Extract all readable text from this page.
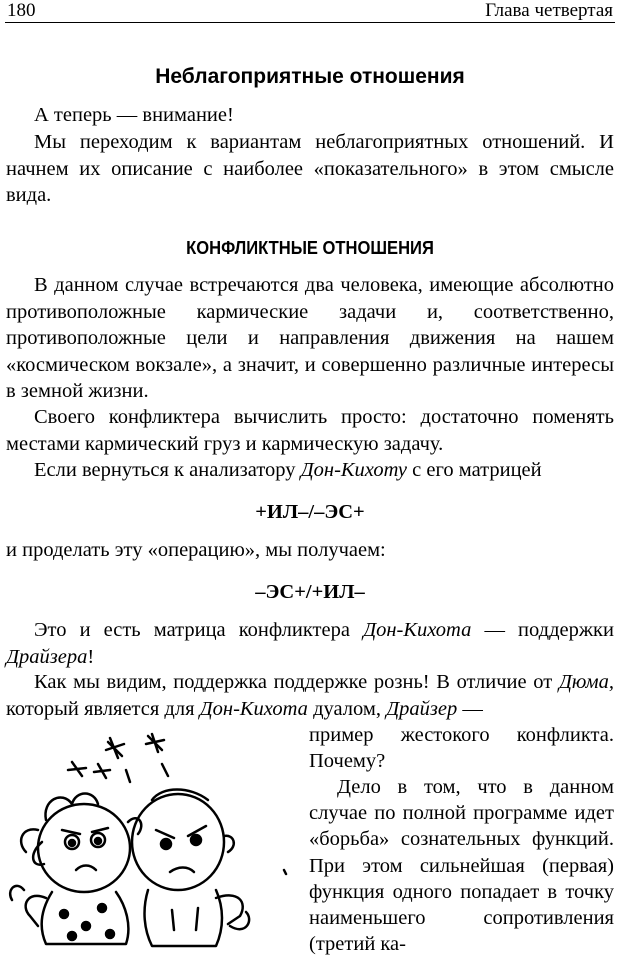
180	Глава четвертая
Неблагоприятные отношения

А теперь — внимание!

Мы переходим к вариантам неблагоприятных отношений. И начнем их описание с наиболее «показательного» в этом смысле вида.

КОНФЛИКТНЫЕ ОТНОШЕНИЯ

В данном случае встречаются два человека, имеющие абсолютно противоположные кармические задачи и, соответственно, противоположные цели и направления движения на нашем «космическом вокзале», а значит, и совершенно различные интересы в земной жизни.

Своего конфликтера вычислить просто: достаточно поменять местами кармический груз и кармическую задачу.

Если вернуться к анализатору Дон-Кихоту с его матрицей

+ИЛ–/–ЭС+

и проделать эту «операцию», мы получаем:

–ЭС+/+ИЛ–

Это и есть матрица конфликтера Дон-Кихота — поддержки Драйзера!

Как мы видим, поддержка поддержке рознь! В отличие от Дюма, который является для Дон-Кихота дуалом, Драйзер —

пример жестокого конфликта. Почему?

Дело в том, что в данном случае по полной программе идет «борьба» сознательных функций. При этом сильнейшая (первая) функция одного попадает в точку наименьшего сопротивления (третий ка-
